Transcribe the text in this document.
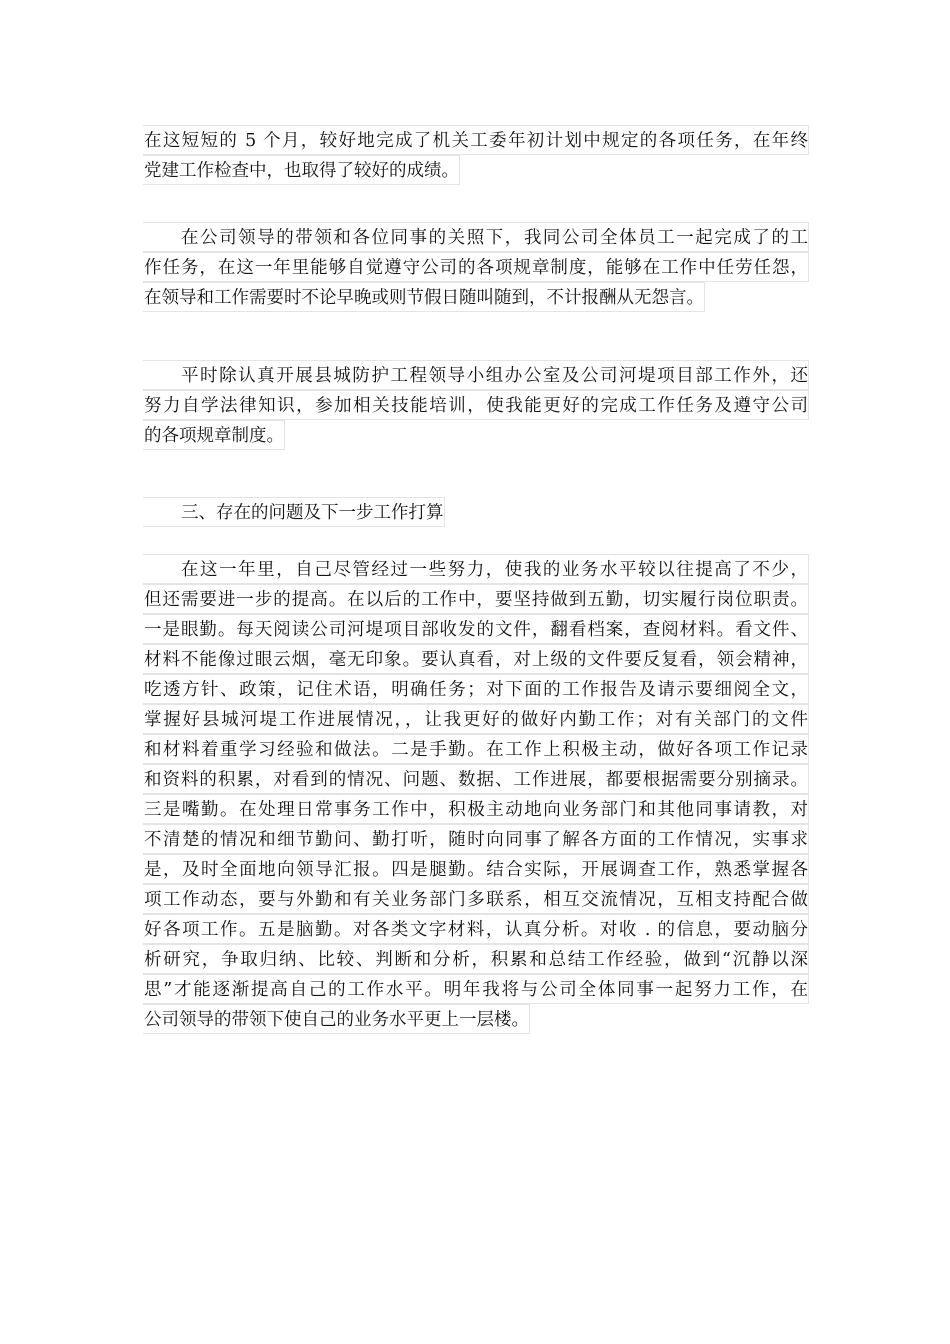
在这短短的 5 个月，较好地完成了机关工委年初计划中规定的各项任务，在年终
党建工作检查中，也取得了较好的成绩。
在公司领导的带领和各位同事的关照下，我同公司全体员工一起完成了的工
作任务，在这一年里能够自觉遵守公司的各项规章制度，能够在工作中任劳任怨，
在领导和工作需要时不论早晚或则节假日随叫随到，不计报酬从无怨言。
平时除认真开展县城防护工程领导小组办公室及公司河堤项目部工作外，还
努力自学法律知识，参加相关技能培训，使我能更好的完成工作任务及遵守公司
的各项规章制度。
三、存在的问题及下一步工作打算
在这一年里，自己尽管经过一些努力，使我的业务水平较以往提高了不少，
但还需要进一步的提高。在以后的工作中，要坚持做到五勤，切实履行岗位职责。
一是眼勤。每天阅读公司河堤项目部收发的文件，翻看档案，查阅材料。看文件、
材料不能像过眼云烟，毫无印象。要认真看，对上级的文件要反复看，领会精神，
吃透方针、政策，记住术语，明确任务；对下面的工作报告及请示要细阅全文，
掌握好县城河堤工作进展情况，，让我更好的做好内勤工作；对有关部门的文件
和材料着重学习经验和做法。二是手勤。在工作上积极主动，做好各项工作记录
和资料的积累，对看到的情况、问题、数据、工作进展，都要根据需要分别摘录。
三是嘴勤。在处理日常事务工作中，积极主动地向业务部门和其他同事请教，对
不清楚的情况和细节勤问、勤打听，随时向同事了解各方面的工作情况，实事求
是，及时全面地向领导汇报。四是腿勤。结合实际，开展调查工作，熟悉掌握各
项工作动态，要与外勤和有关业务部门多联系，相互交流情况，互相支持配合做
好各项工作。五是脑勤。对各类文字材料，认真分析。对收 . 的信息，要动脑分
析研究，争取归纳、比较、判断和分析，积累和总结工作经验，做到“沉静以深
思”才能逐渐提高自己的工作水平。明年我将与公司全体同事一起努力工作，在
公司领导的带领下使自己的业务水平更上一层楼。
